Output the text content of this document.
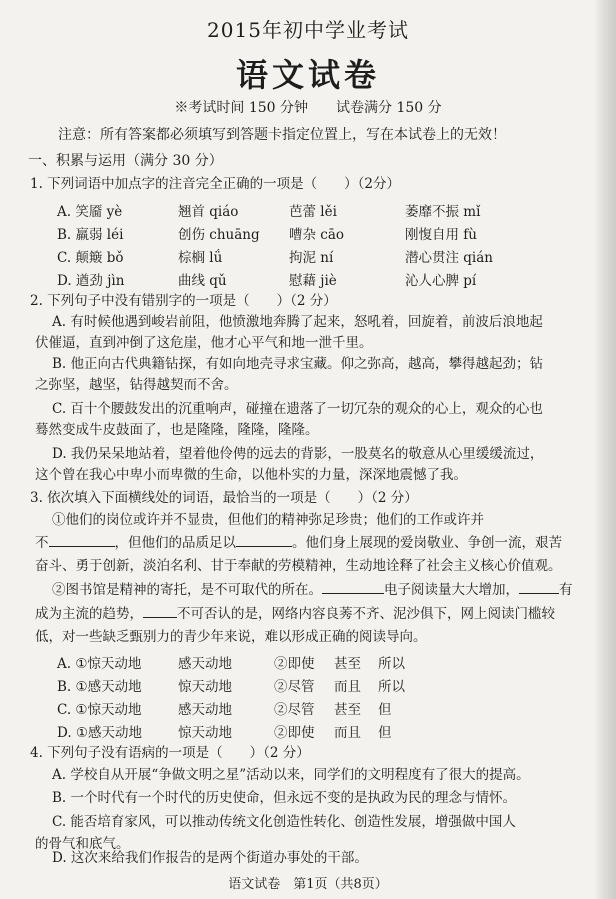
2015年初中学业考试
语文试卷
※考试时间 150 分钟　　试卷满分 150 分
注意：所有答案都必须填写到答题卡指定位置上，写在本试卷上的无效！
一、积累与运用（满分 30 分）
1. 下列词语中加点字的注音完全正确的一项是（　　）（2分）
A. 笑靥 yè	翘首 qiáo	芭蕾 lěi	萎靡不振 mǐ
B. 羸弱 léi	创伤 chuāng 嘈杂 cāo	刚愎自用 fù
C. 颠簸 bǒ	棕榈 lǘ	拘泥 ní	潜心贯注 qián
D. 遒劲 jìn	曲线 qǔ	慰藉 jiè	沁人心脾 pí
2. 下列句子中没有错别字的一项是（　　）（2 分）
A. 有时候他遇到峻岩前阻，他愤激地奔腾了起来，怒吼着，回旋着，前波后浪地起
伏催逼，直到冲倒了这危崖，他才心平气和地一泄千里。
B. 他正向古代典籍钻探，有如向地壳寻求宝藏。仰之弥高，越高，攀得越起劲；钻
之弥坚，越坚，钻得越契而不舍。
C. 百十个腰鼓发出的沉重响声，碰撞在遗落了一切冗杂的观众的心上，观众的心也
蓦然变成牛皮鼓面了，也是隆隆，隆隆，隆隆。
D. 我仍呆呆地站着，望着他伶俜的远去的背影，一股莫名的敬意从心里缓缓流过，
这个曾在我心中卑小而卑微的生命，以他朴实的力量，深深地震憾了我。
3. 依次填入下面横线处的词语，最恰当的一项是（　　）（2 分）
①他们的岗位或许并不显贵，但他们的精神弥足珍贵；他们的工作或许并
不	，但他们的品质足以	。他们身上展现的爱岗敬业、争创一流，艰苦
奋斗、勇于创新，淡泊名利、甘于奉献的劳模精神，生动地诠释了社会主义核心价值观。
②图书馆是精神的寄托，是不可取代的所在。	电子阅读量大大增加，	有
成为主流的趋势，	不可否认的是，网络内容良莠不齐、泥沙俱下，网上阅读门槛较
低，对一些缺乏甄别力的青少年来说，难以形成正确的阅读导向。
A. ①惊天动地	感天动地	②即使 甚至 所以
B. ①感天动地	惊天动地	②尽管 而且 所以
C. ①惊天动地	感天动地	②尽管 甚至 但
D. ①感天动地	惊天动地	②即使 而且 但
4. 下列句子没有语病的一项是（　　）（2 分）
A. 学校自从开展“争做文明之星”活动以来，同学们的文明程度有了很大的提高。
B. 一个时代有一个时代的历史使命，但永远不变的是执政为民的理念与情怀。
C. 能否培育家风，可以推动传统文化创造性转化、创造性发展，增强做中国人
的骨气和底气。
D. 这次来给我们作报告的是两个街道办事处的干部。
语文试卷　第1页（共8页）
